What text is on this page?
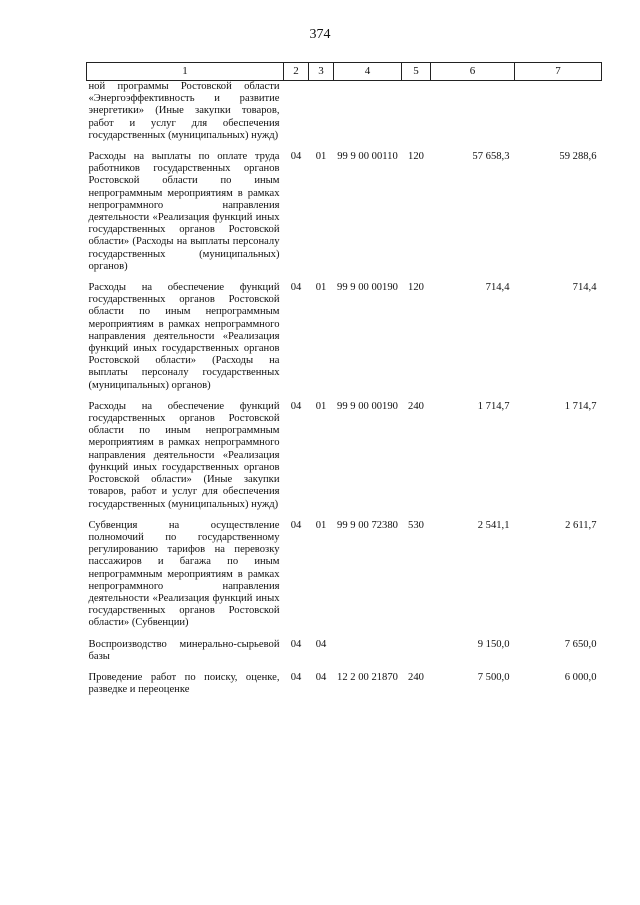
374
1	2	3	4	5	6	7
ной программы Ростовской области «Энергоэффективность и развитие энергетики» (Иные закупки товаров, работ и услуг для обеспечения государственных (муниципальных) нужд)						

Расходы на выплаты по оплате труда работников государственных органов Ростовской области по иным непрограммным мероприятиям в рамках непрограммного направления деятельности «Реализация функций иных государственных органов Ростовской области» (Расходы на выплаты персоналу государственных (муниципальных) органов)	04	01	99 9 00 00110	120	57 658,3	59 288,6

Расходы на обеспечение функций государственных органов Ростовской области по иным непрограммным мероприятиям в рамках непрограммного направления деятельности «Реализация функций иных государственных органов Ростовской области» (Расходы на выплаты персоналу государственных (муниципальных) органов)	04	01	99 9 00 00190	120	714,4	714,4

Расходы на обеспечение функций государственных органов Ростовской области по иным непрограммным мероприятиям в рамках непрограммного направления деятельности «Реализация функций иных государственных органов Ростовской области» (Иные закупки товаров, работ и услуг для обеспечения государственных (муниципальных) нужд)	04	01	99 9 00 00190	240	1 714,7	1 714,7

Субвенция на осуществление полномочий по государственному регулированию тарифов на перевозку пассажиров и багажа по иным непрограммным мероприятиям в рамках непрограммного направления деятельности «Реализация функций иных государственных органов Ростовской области» (Субвенции)	04	01	99 9 00 72380	530	2 541,1	2 611,7

Воспроизводство минерально-сырьевой базы	04	04			9 150,0	7 650,0

Проведение работ по поиску, оценке, разведке и переоценке	04	04	12 2 00 21870	240	7 500,0	6 000,0
